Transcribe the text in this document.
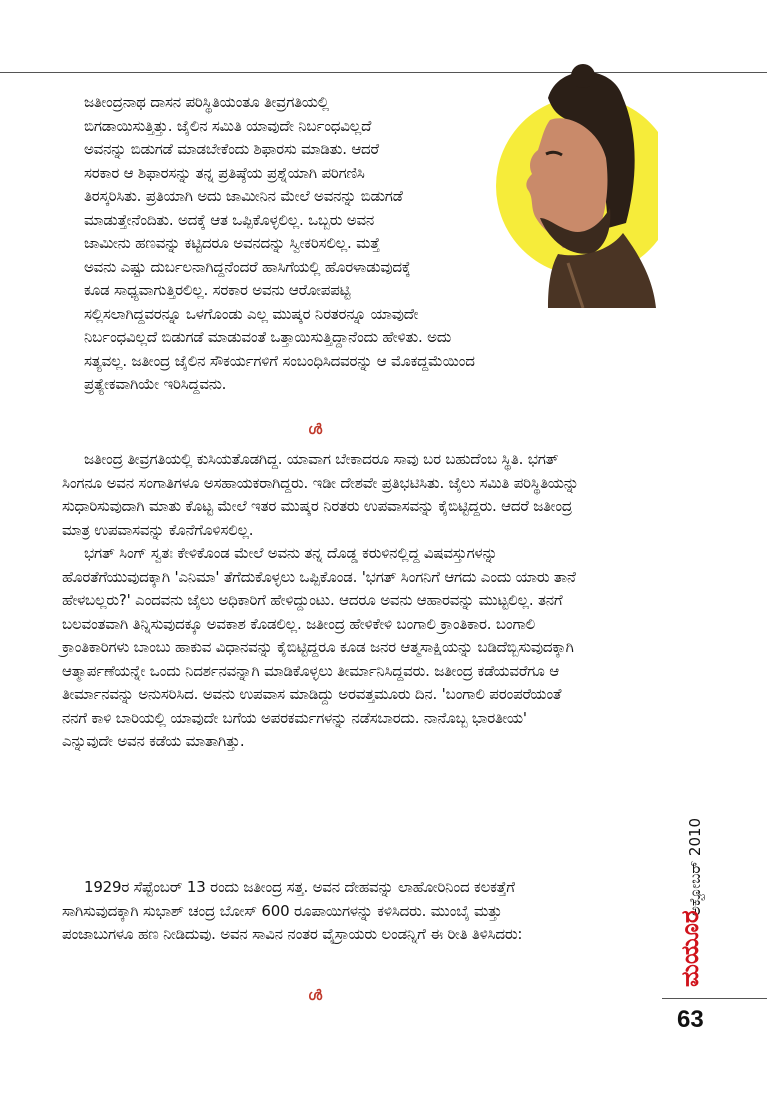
ಜತೀಂದ್ರನಾಥ ದಾಸನ ಪರಿಸ್ಥಿತಿಯಂತೂ ತೀವ್ರಗತಿಯಲ್ಲಿ

ಬಿಗಡಾಯಿಸುತ್ತಿತ್ತು. ಜೈಲಿನ ಸಮಿತಿ ಯಾವುದೇ ನಿರ್ಬಂಧವಿಲ್ಲದೆ

ಅವನನ್ನು ಬಿಡುಗಡೆ ಮಾಡಬೇಕೆಂದು ಶಿಫಾರಸು ಮಾಡಿತು. ಆದರೆ

ಸರಕಾರ ಆ ಶಿಫಾರಸನ್ನು ತನ್ನ ಪ್ರತಿಷ್ಠೆಯ ಪ್ರಶ್ನೆಯಾಗಿ ಪರಿಗಣಿಸಿ

ತಿರಸ್ಕರಿಸಿತು. ಪ್ರತಿಯಾಗಿ ಅದು ಜಾಮೀನಿನ ಮೇಲೆ ಅವನನ್ನು ಬಿಡುಗಡೆ

ಮಾಡುತ್ತೇನೆಂದಿತು. ಅದಕ್ಕೆ ಆತ ಒಪ್ಪಿಕೊಳ್ಳಲಿಲ್ಲ. ಒಬ್ಬರು ಅವನ

ಜಾಮೀನು ಹಣವನ್ನು ಕಟ್ಟಿದರೂ ಅವನದನ್ನು ಸ್ವೀಕರಿಸಲಿಲ್ಲ. ಮತ್ತೆ

ಅವನು ಎಷ್ಟು ದುರ್ಬಲನಾಗಿದ್ದನೆಂದರೆ ಹಾಸಿಗೆಯಲ್ಲಿ ಹೊರಳಾಡುವುದಕ್ಕೆ

ಕೂಡ ಸಾಧ್ಯವಾಗುತ್ತಿರಲಿಲ್ಲ. ಸರಕಾರ ಅವನು ಆರೋಪಪಟ್ಟಿ

ಸಲ್ಲಿಸಲಾಗಿದ್ದವರನ್ನೂ ಒಳಗೊಂಡು ಎಲ್ಲ ಮುಷ್ಕರ ನಿರತರನ್ನೂ ಯಾವುದೇ

ನಿರ್ಬಂಧವಿಲ್ಲದೆ ಬಿಡುಗಡೆ ಮಾಡುವಂತೆ ಒತ್ತಾಯಿಸುತ್ತಿದ್ದಾನೆಂದು ಹೇಳಿತು. ಅದು

ಸತ್ಯವಲ್ಲ. ಜತೀಂದ್ರ ಜೈಲಿನ ಸೌಕರ್ಯಗಳಿಗೆ ಸಂಬಂಧಿಸಿದವರನ್ನು ಆ ಮೊಕದ್ದಮೆಯಿಂದ

ಪ್ರತ್ಯೇಕವಾಗಿಯೇ ಇರಿಸಿದ್ದವನು.

ൾ

ಜತೀಂದ್ರ ತೀವ್ರಗತಿಯಲ್ಲಿ ಕುಸಿಯತೊಡಗಿದ್ದ. ಯಾವಾಗ ಬೇಕಾದರೂ ಸಾವು ಬರ ಬಹುದೆಂಬ ಸ್ಥಿತಿ. ಭಗತ್ ಸಿಂಗನೂ ಅವನ ಸಂಗಾತಿಗಳೂ ಅಸಹಾಯಕರಾಗಿದ್ದರು. ಇಡೀ ದೇಶವೇ ಪ್ರತಿಭಟಿಸಿತು. ಜೈಲು ಸಮಿತಿ ಪರಿಸ್ಥಿತಿಯನ್ನು ಸುಧಾರಿಸುವುದಾಗಿ ಮಾತು ಕೊಟ್ಟ ಮೇಲೆ ಇತರ ಮುಷ್ಕರ ನಿರತರು ಉಪವಾಸವನ್ನು ಕೈಬಿಟ್ಟಿದ್ದರು. ಆದರೆ ಜತೀಂದ್ರ ಮಾತ್ರ ಉಪವಾಸವನ್ನು ಕೊನೆಗೊಳಿಸಲಿಲ್ಲ.

ಭಗತ್ ಸಿಂಗ್ ಸ್ವತಃ ಕೇಳಿಕೊಂಡ ಮೇಲೆ ಅವನು ತನ್ನ ದೊಡ್ಡ ಕರುಳಿನಲ್ಲಿದ್ದ ವಿಷವಸ್ತುಗಳನ್ನು ಹೊರತೆಗೆಯುವುದಕ್ಕಾಗಿ 'ಎನಿಮಾ' ತೆಗೆದುಕೊಳ್ಳಲು ಒಪ್ಪಿಕೊಂಡ. 'ಭಗತ್ ಸಿಂಗನಿಗೆ ಆಗದು ಎಂದು ಯಾರು ತಾನೆ ಹೇಳಬಲ್ಲರು?' ಎಂದವನು ಜೈಲು ಅಧಿಕಾರಿಗೆ ಹೇಳಿದ್ದುಂಟು. ಆದರೂ ಅವನು ಆಹಾರವನ್ನು ಮುಟ್ಟಲಿಲ್ಲ. ತನಗೆ ಬಲವಂತವಾಗಿ ತಿನ್ನಿಸುವುದಕ್ಕೂ ಅವಕಾಶ ಕೊಡಲಿಲ್ಲ. ಜತೀಂದ್ರ ಹೇಳಿಕೇಳಿ ಬಂಗಾಲಿ ಕ್ರಾಂತಿಕಾರ. ಬಂಗಾಲಿ ಕ್ರಾಂತಿಕಾರಿಗಳು ಬಾಂಬು ಹಾಕುವ ವಿಧಾನವನ್ನು ಕೈಬಿಟ್ಟಿದ್ದರೂ ಕೂಡ ಜನರ ಆತ್ಮಸಾಕ್ಷಿಯನ್ನು ಬಡಿದೆಬ್ಬಿಸುವುದಕ್ಕಾಗಿ ಆತ್ಮಾರ್ಪಣೆಯನ್ನೇ ಒಂದು ನಿದರ್ಶನವನ್ನಾಗಿ ಮಾಡಿಕೊಳ್ಳಲು ತೀರ್ಮಾನಿಸಿದ್ದವರು. ಜತೀಂದ್ರ ಕಡೆಯವರೆಗೂ ಆ ತೀರ್ಮಾನವನ್ನು ಅನುಸರಿಸಿದ. ಅವನು ಉಪವಾಸ ಮಾಡಿದ್ದು ಅರವತ್ತಮೂರು ದಿನ. 'ಬಂಗಾಲಿ ಪರಂಪರೆಯಂತೆ ನನಗೆ ಕಾಳಿ ಬಾರಿಯಲ್ಲಿ ಯಾವುದೇ ಬಗೆಯ ಅಪರಕರ್ಮಗಳನ್ನು ನಡೆಸಬಾರದು. ನಾನೊಬ್ಬ ಭಾರತೀಯ' ಎನ್ನುವುದೇ ಅವನ ಕಡೆಯ ಮಾತಾಗಿತ್ತು.

1929ರ ಸೆಪ್ಟೆಂಬರ್ 13 ರಂದು ಜತೀಂದ್ರ ಸತ್ತ. ಅವನ ದೇಹವನ್ನು ಲಾಹೋರಿನಿಂದ ಕಲಕತ್ತೆಗೆ ಸಾಗಿಸುವುದಕ್ಕಾಗಿ ಸುಭಾಶ್ ಚಂದ್ರ ಬೋಸ್ 600 ರೂಪಾಯಿಗಳನ್ನು ಕಳಿಸಿದರು. ಮುಂಬೈ ಮತ್ತು ಪಂಜಾಬುಗಳೂ ಹಣ ನೀಡಿದುವು. ಅವನ ಸಾವಿನ ನಂತರ ವೈಸ್ರಾಯರು ಲಂಡನ್ನಿಗೆ ಈ ರೀತಿ ತಿಳಿಸಿದರು:

ൾ
ಅಕ್ಟೋಬರ್ 2010
ಮಯೂರ
63
